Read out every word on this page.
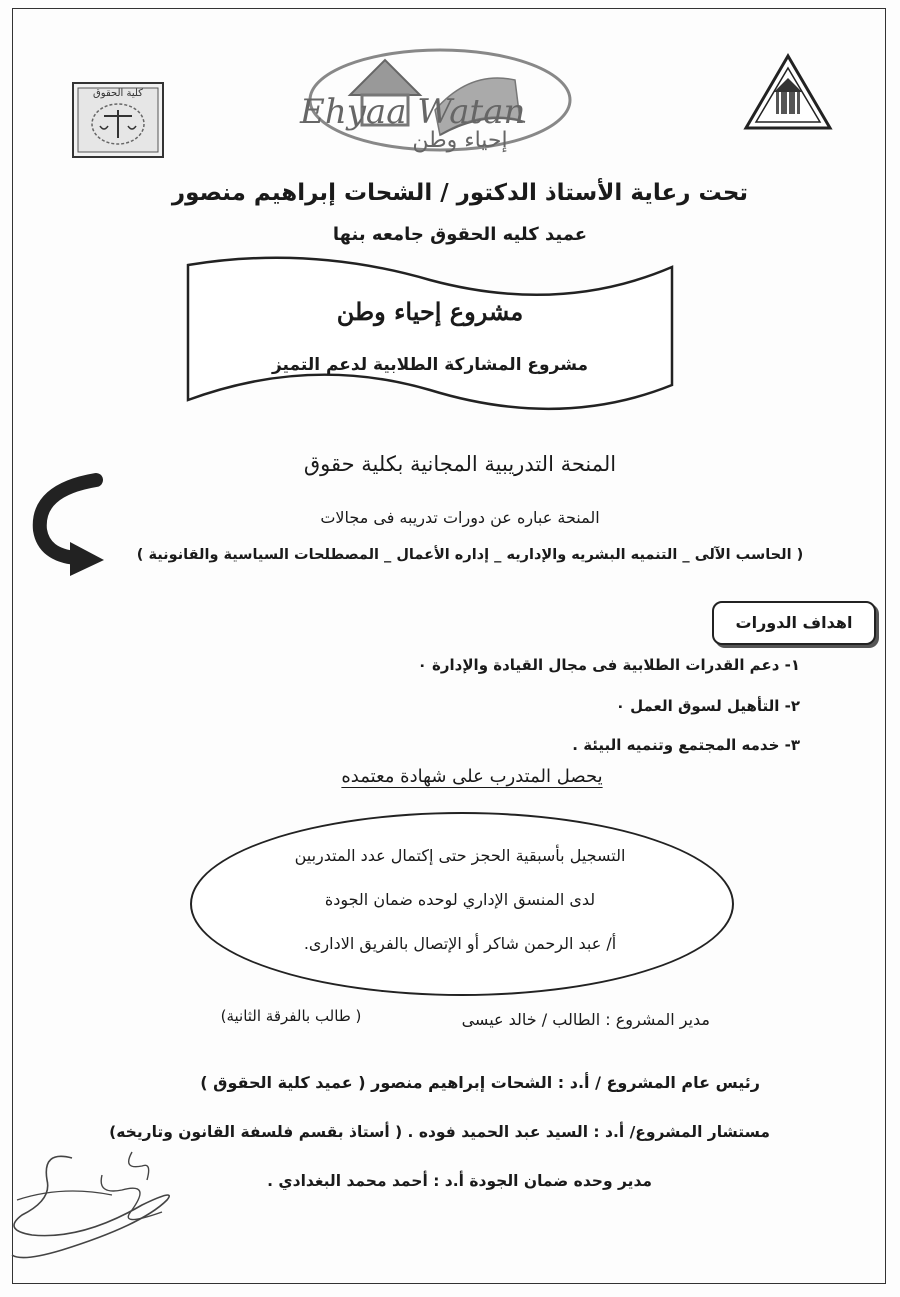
كلية الحقوق	Ehyaa Watan
إحياء وطن
تحت رعاية الأستاذ الدكتور / الشحات إبراهيم منصور
عميد كليه الحقوق جامعه بنها
مشروع إحياء وطن
مشروع المشاركة الطلابية لدعم التميز
المنحة التدريبية المجانية بكلية حقوق
المنحة عباره عن دورات تدريبه فى مجالات
( الحاسب الآلى _ التنميه البشريه والإداريه _ إداره الأعمال _ المصطلحات السياسية والقانونية )
اهداف الدورات
١- دعم القدرات الطلابية فى مجال القيادة والإدارة ٠
٢- التأهيل لسوق العمل ٠
٣- خدمه المجتمع وتنميه البيئة .
يحصل المتدرب على شهادة معتمده
التسجيل بأسبقية الحجز حتى إكتمال عدد المتدربين
لدى المنسق الإداري لوحده ضمان الجودة
أ/ عبد الرحمن شاكر أو الإتصال بالفريق الادارى.
مدير المشروع : الطالب / خالد عيسى
( طالب بالفرقة الثانية)
رئيس عام المشروع / أ.د : الشحات إبراهيم منصور ( عميد كلية الحقوق )
مستشار المشروع/ أ.د : السيد عبد الحميد فوده . ( أستاذ بقسم فلسفة القانون وتاريخه)
مدير وحده ضمان الجودة أ.د : أحمد محمد البغدادي .
